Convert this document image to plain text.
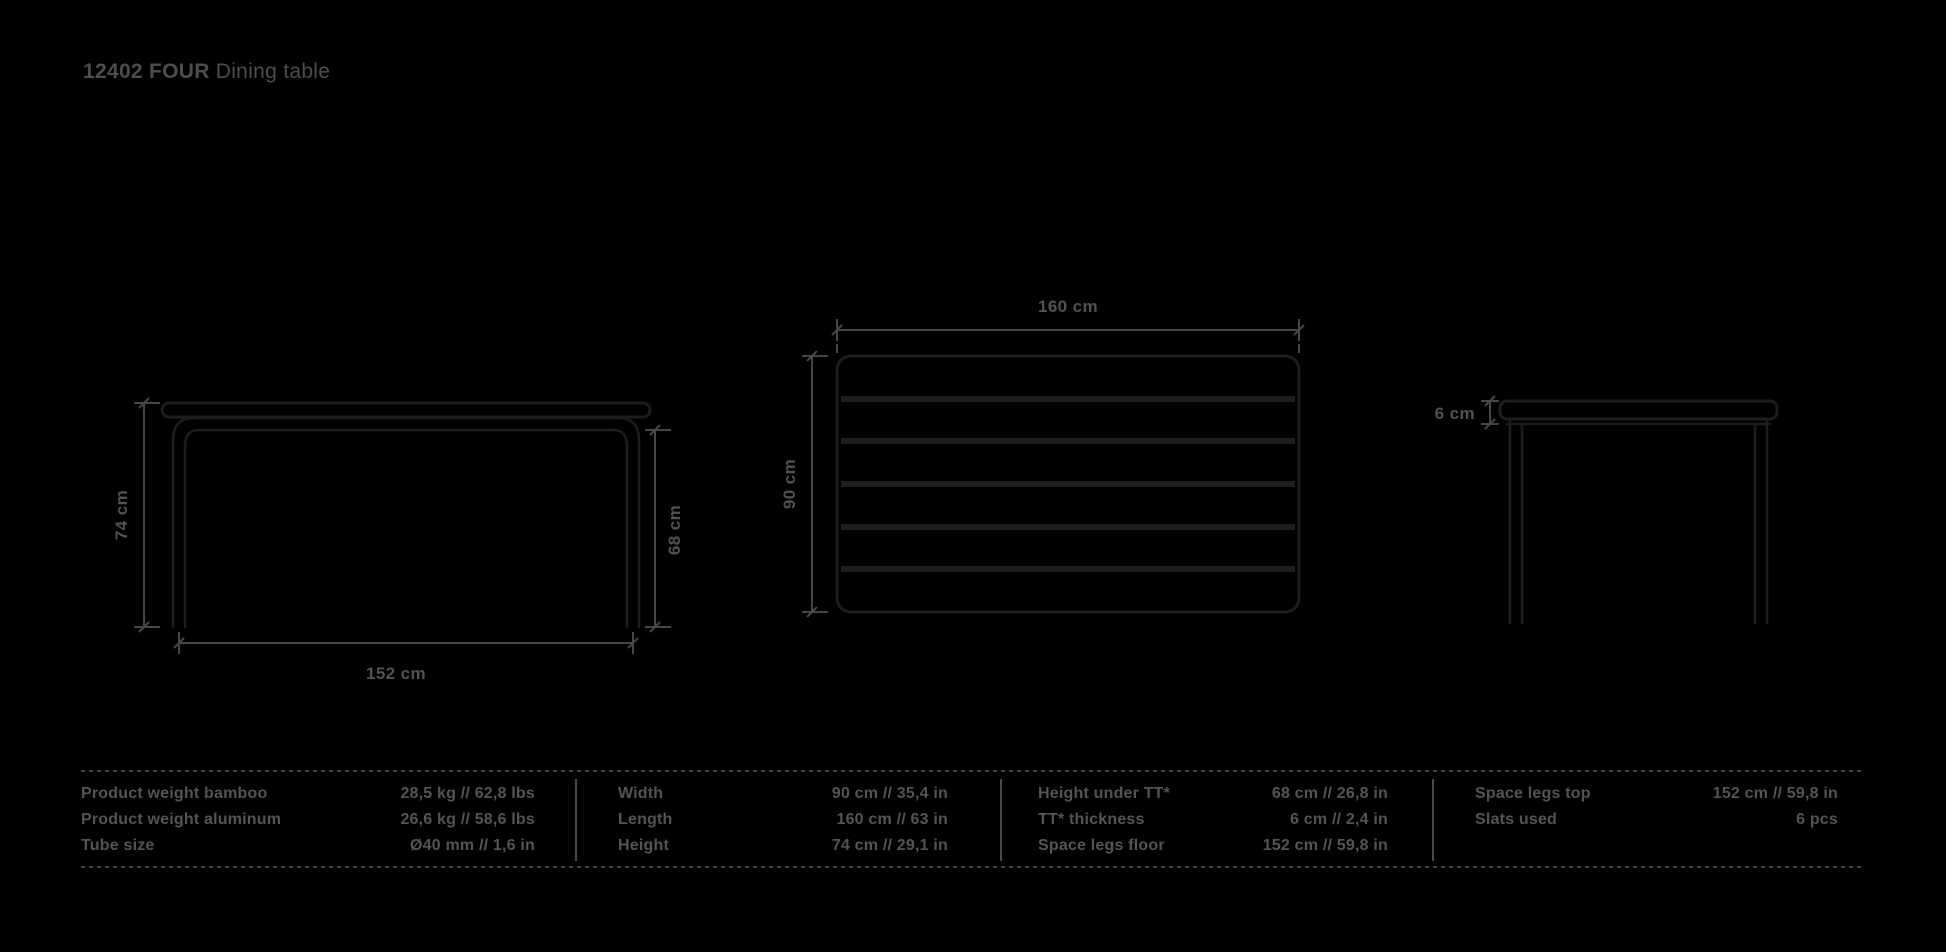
12402 FOUR Dining table
74 cm	68 cm
152 cm
160 cm
90 cm
6 cm
Product weight bamboo	28,5 kg // 62,8 lbs
Product weight aluminum	26,6 kg // 58,6 lbs
Tube size	Ø40 mm // 1,6 in
Width	90 cm // 35,4 in
Length	160 cm // 63 in
Height	74 cm // 29,1 in
Height under TT*	68 cm // 26,8 in
TT* thickness	6 cm // 2,4 in
Space legs floor	152 cm // 59,8 in
Space legs top	152 cm // 59,8 in
Slats used	6 pcs
